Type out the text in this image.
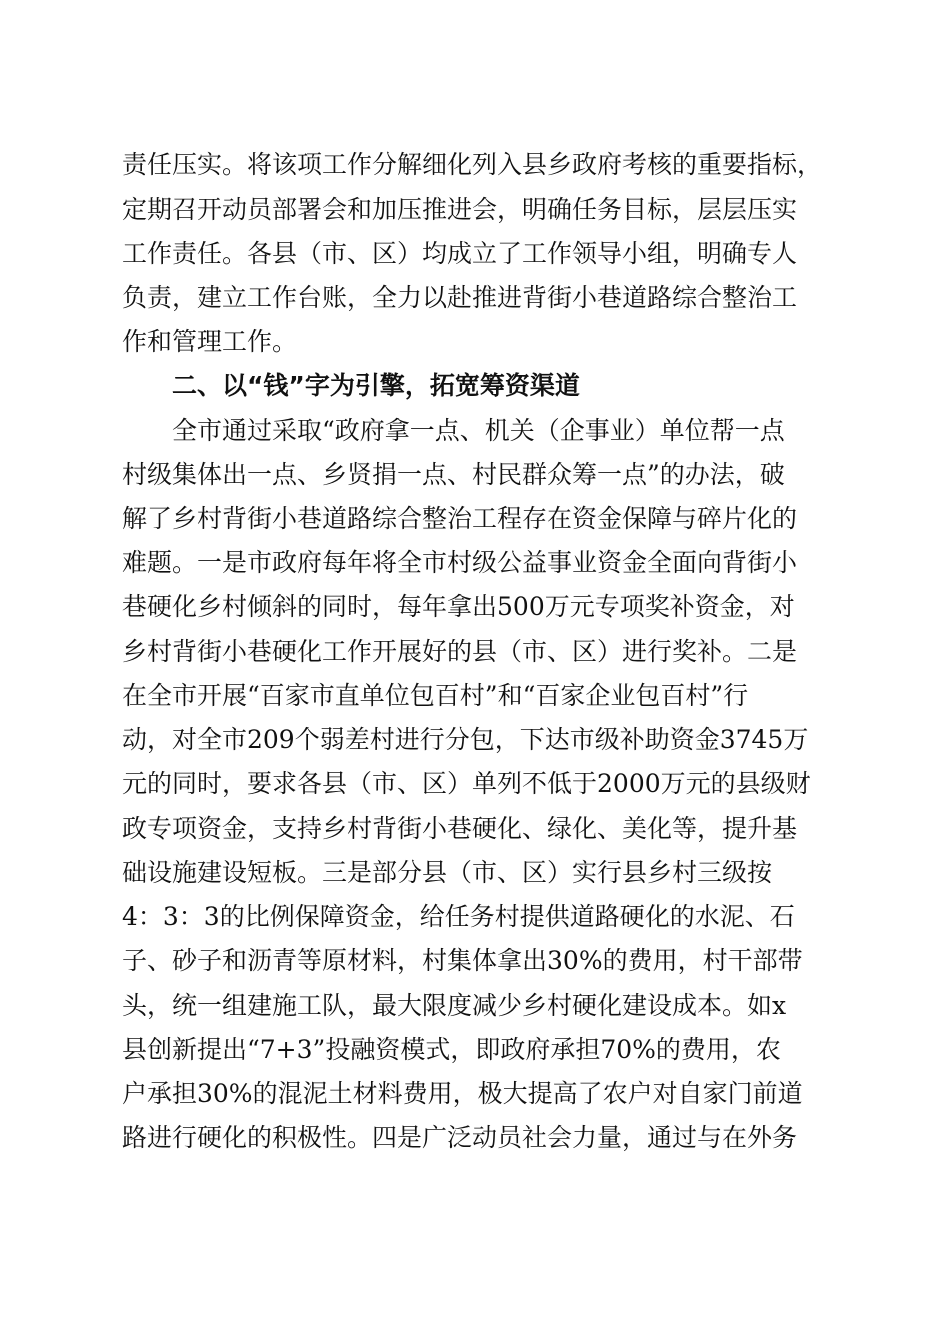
责任压实。将该项工作分解细化列入县乡政府考核的重要指标，
定期召开动员部署会和加压推进会，明确任务目标，层层压实
工作责任。各县（市、区）均成立了工作领导小组，明确专人
负责，建立工作台账，全力以赴推进背街小巷道路综合整治工
作和管理工作。
二、以“钱”字为引擎，拓宽筹资渠道
全市通过采取“政府拿一点、机关（企事业）单位帮一点
村级集体出一点、乡贤捐一点、村民群众筹一点”的办法，破
解了乡村背街小巷道路综合整治工程存在资金保障与碎片化的
难题。一是市政府每年将全市村级公益事业资金全面向背街小
巷硬化乡村倾斜的同时，每年拿出500万元专项奖补资金，对
乡村背街小巷硬化工作开展好的县（市、区）进行奖补。二是
在全市开展“百家市直单位包百村”和“百家企业包百村”行
动，对全市209个弱差村进行分包，下达市级补助资金3745万
元的同时，要求各县（市、区）单列不低于2000万元的县级财
政专项资金，支持乡村背街小巷硬化、绿化、美化等，提升基
础设施建设短板。三是部分县（市、区）实行县乡村三级按
4：3：3的比例保障资金，给任务村提供道路硬化的水泥、石
子、砂子和沥青等原材料，村集体拿出30%的费用，村干部带
头，统一组建施工队，最大限度减少乡村硬化建设成本。如x
县创新提出“7+3”投融资模式，即政府承担70%的费用，农
户承担30%的混泥土材料费用，极大提高了农户对自家门前道
路进行硬化的积极性。四是广泛动员社会力量，通过与在外务
